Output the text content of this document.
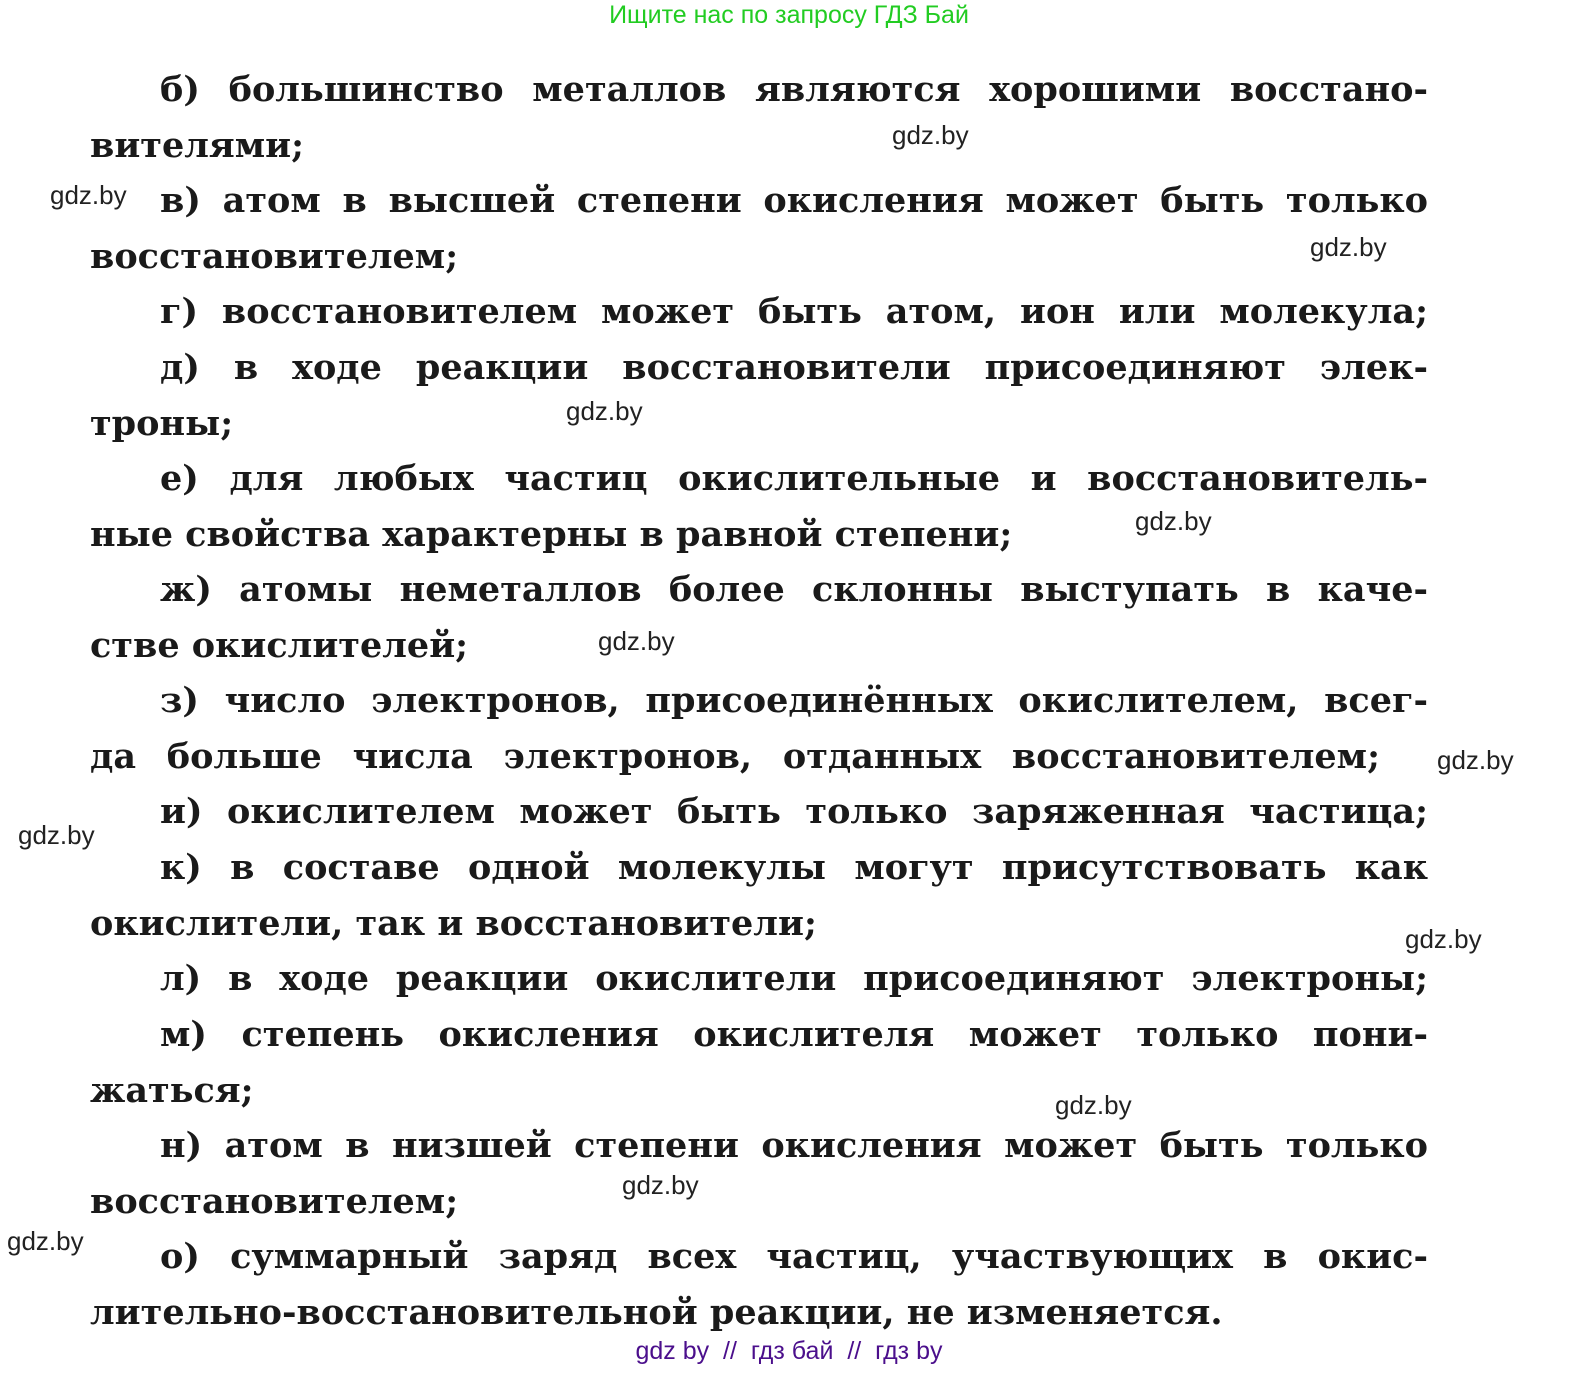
Ищите нас по запросу ГДЗ Бай
б) большинство металлов являются хорошими восстано-
вителями;
в) атом в высшей степени окисления может быть только
восстановителем;
г) восстановителем может быть атом, ион или молекула;
д) в ходе реакции восстановители присоединяют элек-
троны;
е) для любых частиц окислительные и восстановитель-
ные свойства характерны в равной степени;
ж) атомы неметаллов более склонны выступать в каче-
стве окислителей;
з) число электронов, присоединённых окислителем, всег-
да больше числа электронов, отданных восстановителем;
и) окислителем может быть только заряженная частица;
к) в составе одной молекулы могут присутствовать как
окислители, так и восстановители;
л) в ходе реакции окислители присоединяют электроны;
м) степень окисления окислителя может только пони-
жаться;
н) атом в низшей степени окисления может быть только
восстановителем;
о) суммарный заряд всех частиц, участвующих в окис-
лительно-восстановительной реакции, не изменяется.
gdz.by
gdz.by
gdz.by
gdz.by
gdz.by
gdz.by
gdz.by
gdz.by
gdz.by
gdz.by
gdz.by
gdz.by
gdz by  //  гдз бай  //  гдз by
